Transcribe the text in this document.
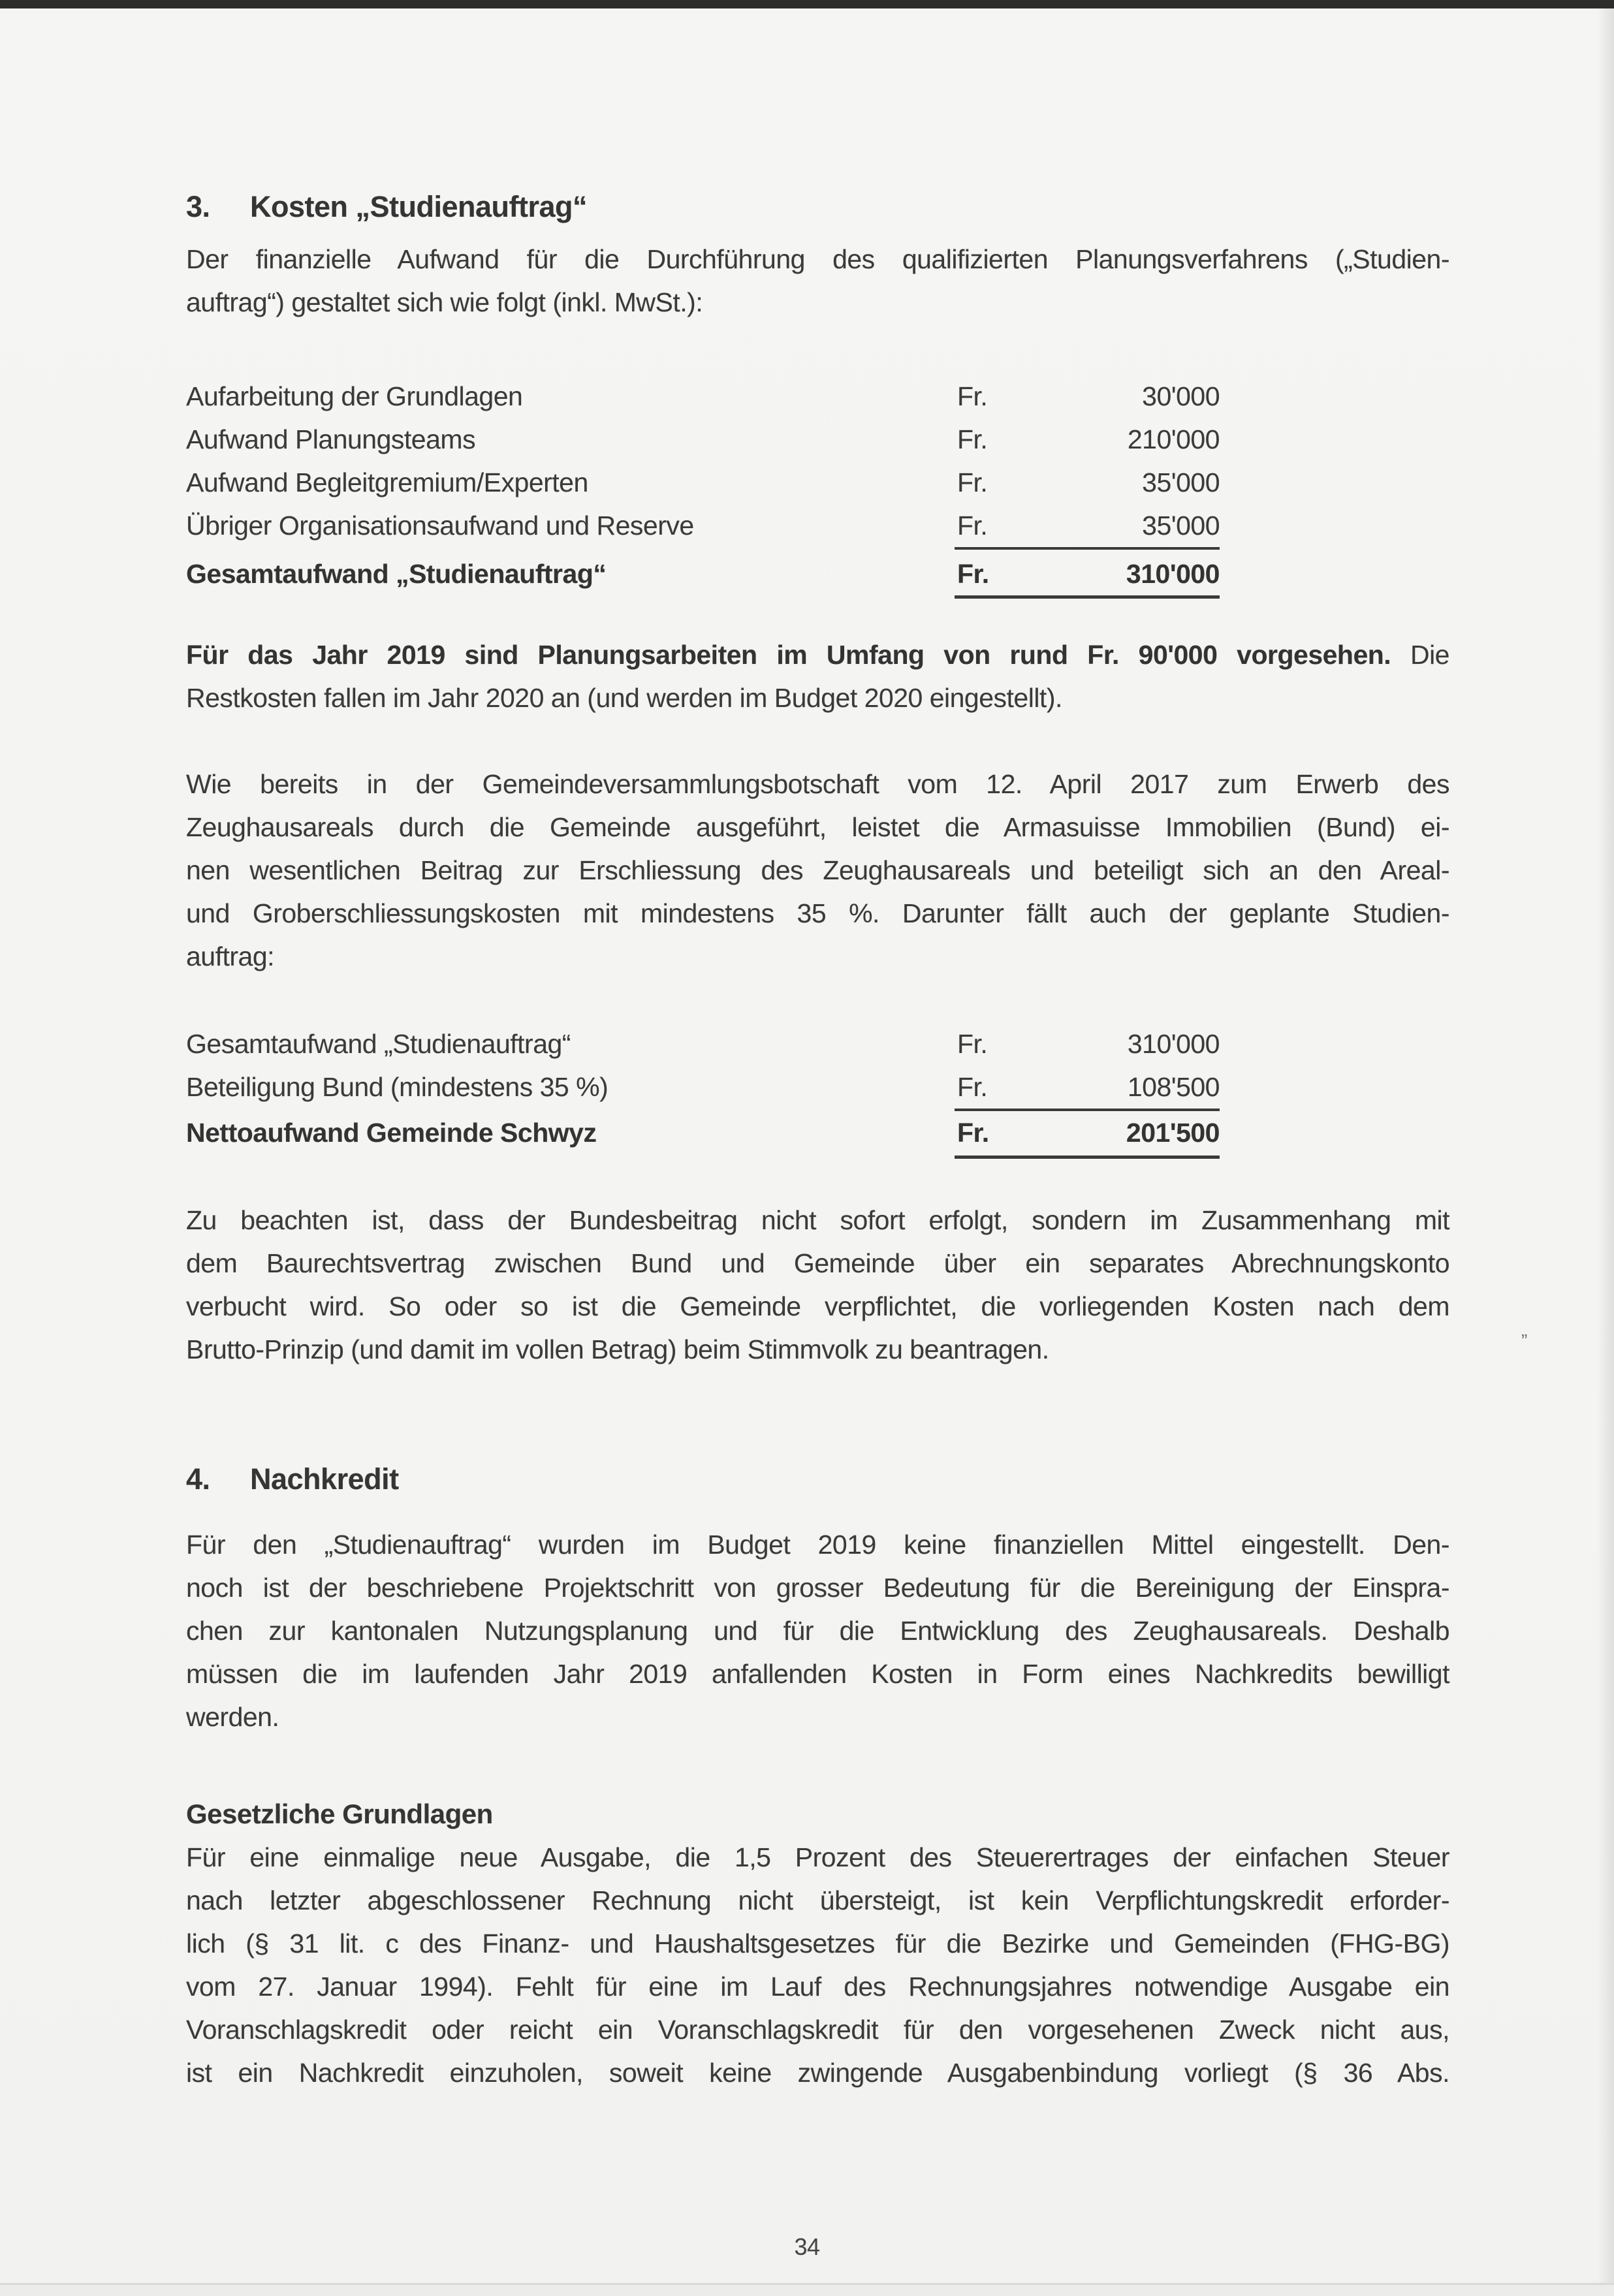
3.	Kosten „Studienauftrag“
Der finanzielle Aufwand für die Durchführung des qualifizierten Planungsverfahrens („Studien-
auftrag“) gestaltet sich wie folgt (inkl. MwSt.):
Aufarbeitung der Grundlagen	Fr.	30'000
Aufwand Planungsteams	Fr.	210'000
Aufwand Begleitgremium/Experten	Fr.	35'000
Übriger Organisationsaufwand und Reserve	Fr.	35'000
Gesamtaufwand „Studienauftrag“	Fr.	310'000
Für das Jahr 2019 sind Planungsarbeiten im Umfang von rund Fr. 90'000 vorgesehen. Die
Restkosten fallen im Jahr 2020 an (und werden im Budget 2020 eingestellt).
Wie bereits in der Gemeindeversammlungsbotschaft vom 12. April 2017 zum Erwerb des
Zeughausareals durch die Gemeinde ausgeführt, leistet die Armasuisse Immobilien (Bund) ei-
nen wesentlichen Beitrag zur Erschliessung des Zeughausareals und beteiligt sich an den Areal-
und Groberschliessungskosten mit mindestens 35 %. Darunter fällt auch der geplante Studien-
auftrag:
Gesamtaufwand „Studienauftrag“	Fr.	310'000
Beteiligung Bund (mindestens 35 %)	Fr.	108'500
Nettoaufwand Gemeinde Schwyz	Fr.	201'500
Zu beachten ist, dass der Bundesbeitrag nicht sofort erfolgt, sondern im Zusammenhang mit
dem Baurechtsvertrag zwischen Bund und Gemeinde über ein separates Abrechnungskonto
verbucht wird. So oder so ist die Gemeinde verpflichtet, die vorliegenden Kosten nach dem
Brutto-Prinzip (und damit im vollen Betrag) beim Stimmvolk zu beantragen.	”
4.	Nachkredit
Für den „Studienauftrag“ wurden im Budget 2019 keine finanziellen Mittel eingestellt. Den-
noch ist der beschriebene Projektschritt von grosser Bedeutung für die Bereinigung der Einspra-
chen zur kantonalen Nutzungsplanung und für die Entwicklung des Zeughausareals. Deshalb
müssen die im laufenden Jahr 2019 anfallenden Kosten in Form eines Nachkredits bewilligt
werden.
Gesetzliche Grundlagen
Für eine einmalige neue Ausgabe, die 1,5 Prozent des Steuerertrages der einfachen Steuer
nach letzter abgeschlossener Rechnung nicht übersteigt, ist kein Verpflichtungskredit erforder-
lich (§ 31 lit. c des Finanz- und Haushaltsgesetzes für die Bezirke und Gemeinden (FHG-BG)
vom 27. Januar 1994). Fehlt für eine im Lauf des Rechnungsjahres notwendige Ausgabe ein
Voranschlagskredit oder reicht ein Voranschlagskredit für den vorgesehenen Zweck nicht aus,
ist ein Nachkredit einzuholen, soweit keine zwingende Ausgabenbindung vorliegt (§ 36 Abs.
34
